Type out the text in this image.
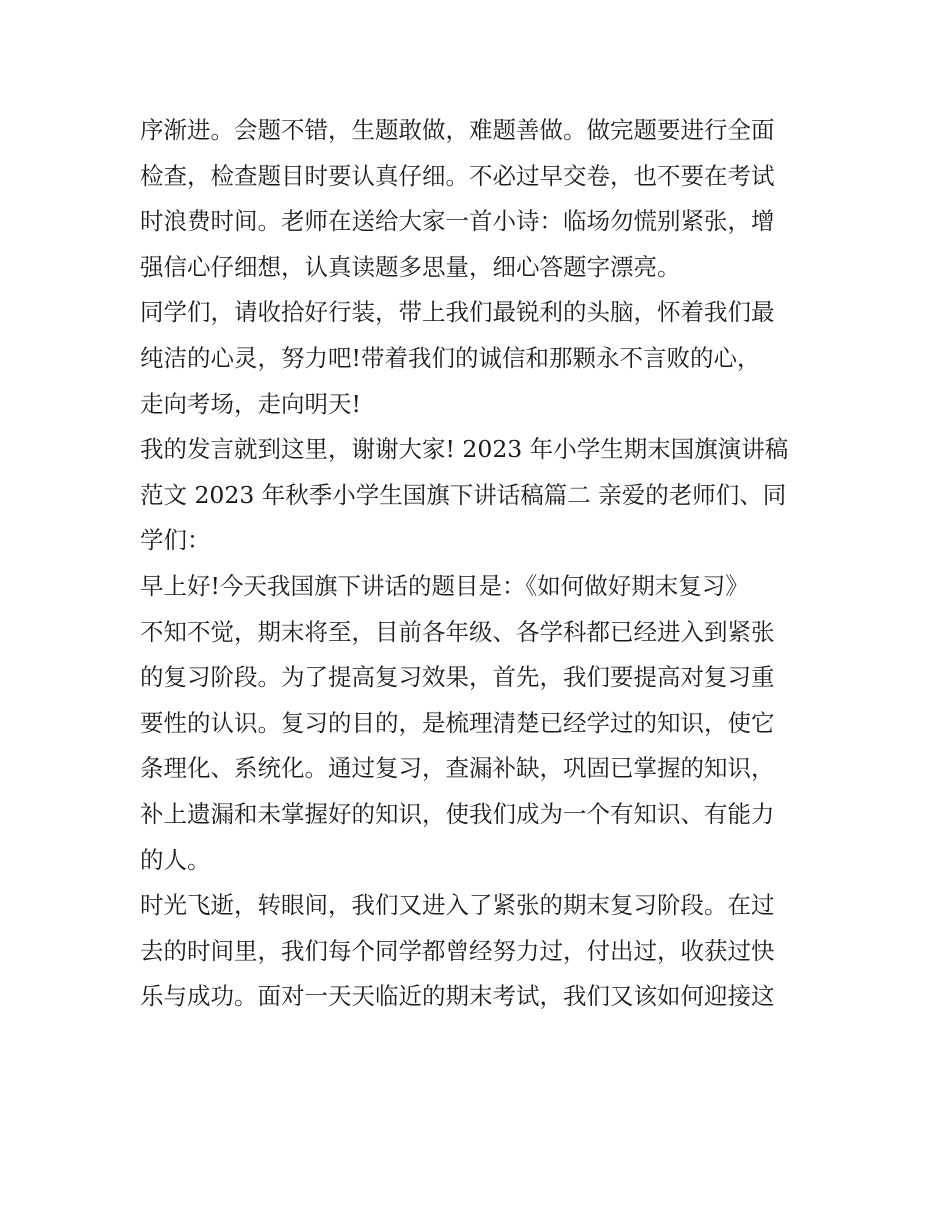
序渐进。会题不错，生题敢做，难题善做。做完题要进行全面
检查，检查题目时要认真仔细。不必过早交卷，也不要在考试
时浪费时间。老师在送给大家一首小诗：临场勿慌别紧张，增
强信心仔细想，认真读题多思量，细心答题字漂亮。
同学们，请收拾好行装，带上我们最锐利的头脑，怀着我们最
纯洁的心灵，努力吧!带着我们的诚信和那颗永不言败的心，
走向考场，走向明天!
我的发言就到这里，谢谢大家! 2023 年小学生期末国旗演讲稿
范文 2023 年秋季小学生国旗下讲话稿篇二 亲爱的老师们、同
学们：
早上好!今天我国旗下讲话的题目是：《如何做好期末复习》
不知不觉，期末将至，目前各年级、各学科都已经进入到紧张
的复习阶段。为了提高复习效果，首先，我们要提高对复习重
要性的认识。复习的目的，是梳理清楚已经学过的知识，使它
条理化、系统化。通过复习，查漏补缺，巩固已掌握的知识，
补上遗漏和未掌握好的知识，使我们成为一个有知识、有能力
的人。
时光飞逝，转眼间，我们又进入了紧张的期末复习阶段。在过
去的时间里，我们每个同学都曾经努力过，付出过，收获过快
乐与成功。面对一天天临近的期末考试，我们又该如何迎接这
